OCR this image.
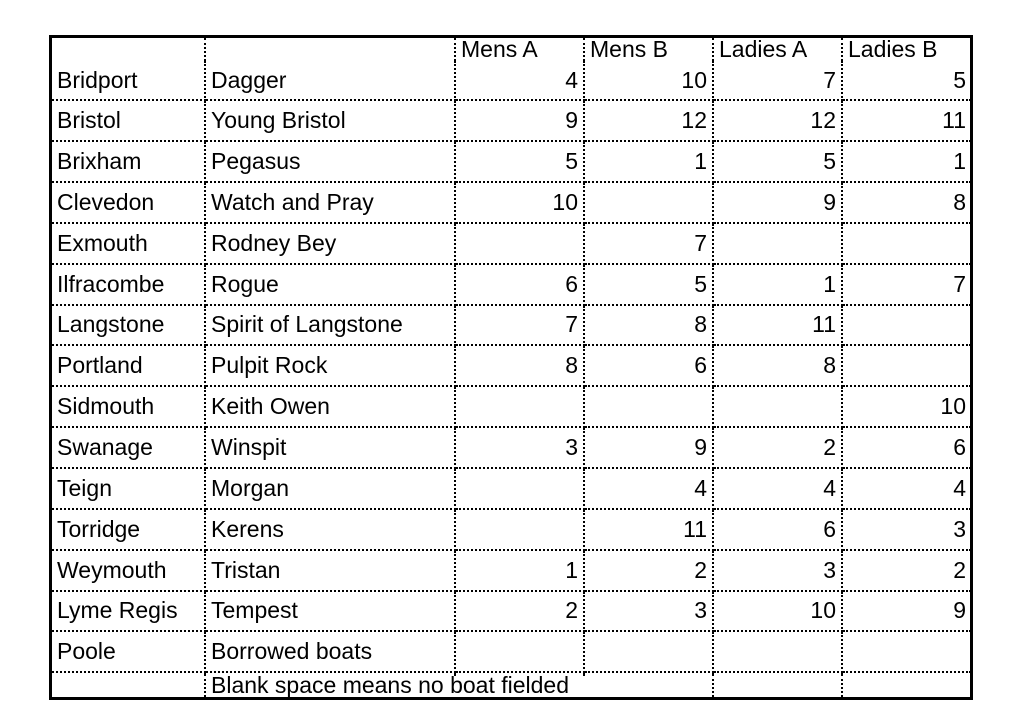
		Mens A	Mens B	Ladies A	Ladies B
Bridport	Dagger	4	10	7	5
Bristol	Young Bristol	9	12	12	11
Brixham	Pegasus	5	1	5	1
Clevedon	Watch and Pray	10		9	8
Exmouth	Rodney Bey		7		
Ilfracombe	Rogue	6	5	1	7
Langstone	Spirit of Langstone	7	8	11	
Portland	Pulpit Rock	8	6	8	
Sidmouth	Keith Owen				10
Swanage	Winspit	3	9	2	6
Teign	Morgan		4	4	4
Torridge	Kerens		11	6	3
Weymouth	Tristan	1	2	3	2
Lyme Regis	Tempest	2	3	10	9
Poole	Borrowed boats				

	Blank space means no boat fielded				
